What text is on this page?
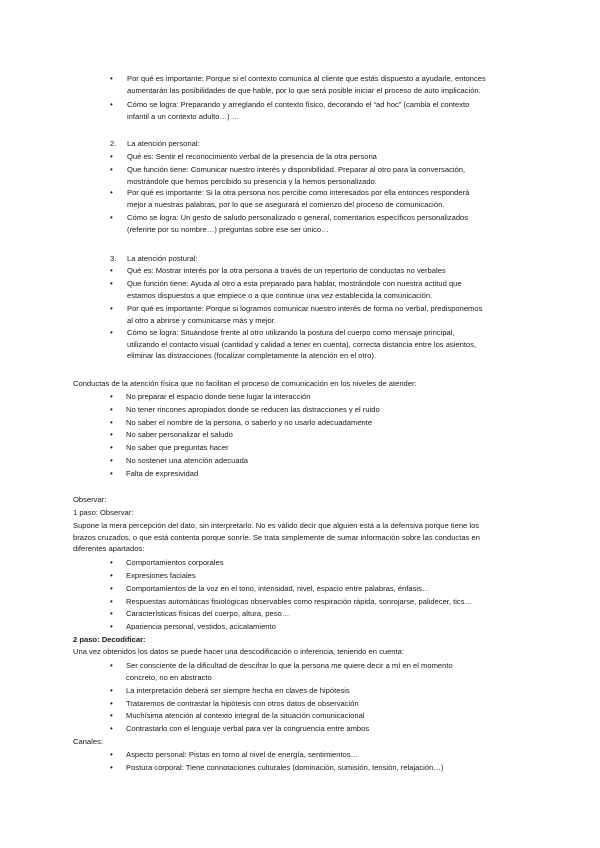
• Por qué es importante: Porque si el contexto comunica al cliente que estás dispuesto a ayudarle, entonces
aumentarán las posibilidades de que hable, por lo que será posible iniciar el proceso de auto implicación.
• Cómo se logra: Preparando y arreglando el contexto físico, decorando el “ad hoc” (cambia el contexto
infantil a un contexto adulto…) …
2. La atención personal:
• Qué es: Sentir el reconocimiento verbal de la presencia de la otra persona
• Que función tiene: Comunicar nuestro interés y disponibilidad. Preparar al otro para la conversación,
mostrándole que hemos percibido su presencia y la hemos personalizado.
• Por qué es importante: Si la otra persona nos percibe como interesados por ella entonces responderá
mejor a nuestras palabras, por lo que se asegurará el comienzo del proceso de comunicación.
• Cómo se logra: Un gesto de saludo personalizado o general, comentarios específicos personalizados
(referirte por su nombre…) preguntas sobre ese ser único…
3. La atención postural:
• Qué es: Mostrar interés por la otra persona a través de un repertorio de conductas no verbales
• Que función tiene: Ayuda al otro a esta preparado para hablar, mostrándole con nuestra actitud que
estamos dispuestos a que empiece o a que continue una vez establecida la comunicación.
• Por qué es importante: Porque si logramos comunicar nuestro interés de forma no verbal, predisponemos
al otro a abrirse y comunicarse más y mejor.
• Cómo se logra: Situándose frente al otro utilizando la postura del cuerpo como mensaje principal,
utilizando el contacto visual (cantidad y calidad a tener en cuenta), correcta distancia entre los asientos,
eliminar las distracciones (focalizar completamente la atención en el otro).
Conductas de la atención física que no facilitan el proceso de comunicación en los niveles de atender:
• No preparar el espacio donde tiene lugar la interacción
• No tener rincones apropiados donde se reducen las distracciones y el ruido
• No saber el nombre de la persona, o saberlo y no usarlo adecuadamente
• No saber personalizar el saludo
• No saber que preguntas hacer
• No sostener una atención adecuada
• Falta de expresividad
Observar:
1 paso: Observar:
Supone la mera percepción del dato, sin interpretarlo. No es válido decir que alguien está a la defensiva porque tiene los
brazos cruzados, o que está contenta porque sonríe. Se trata simplemente de sumar información sobre las conductas en
diferentes apartados:
• Comportamientos corporales
• Expresiones faciales
• Comportamientos de la voz en el tono, intensidad, nivel, espacio entre palabras, énfasis…
• Respuestas automáticas fisiológicas observables como respiración rápida, sonrojarse, palidecer, tics…
• Características físicas del cuerpo, altura, peso…
• Apariencia personal, vestidos, acicalamiento
2 paso: Decodificar:
Una vez obtenidos los datos se puede hacer una descodificación o inferencia, teniendo en cuenta:
• Ser consciente de la dificultad de descifrar lo que la persona me quiere decir a mí en el momento
concreto, no en abstracto
• La interpretación deberá ser siempre hecha en claves de hipótesis
• Trataremos de contrastar la hipótesis con otros datos de observación
• Muchísima atención al contexto integral de la situación comunicacional
• Contrastarlo con el lenguaje verbal para ver la congruencia entre ambos
Canales:
• Aspecto personal: Pistas en torno al nivel de energía, sentimientos…
• Postura corporal: Tiene connotaciones culturales (dominación, sumisión, tensión, relajación…)
